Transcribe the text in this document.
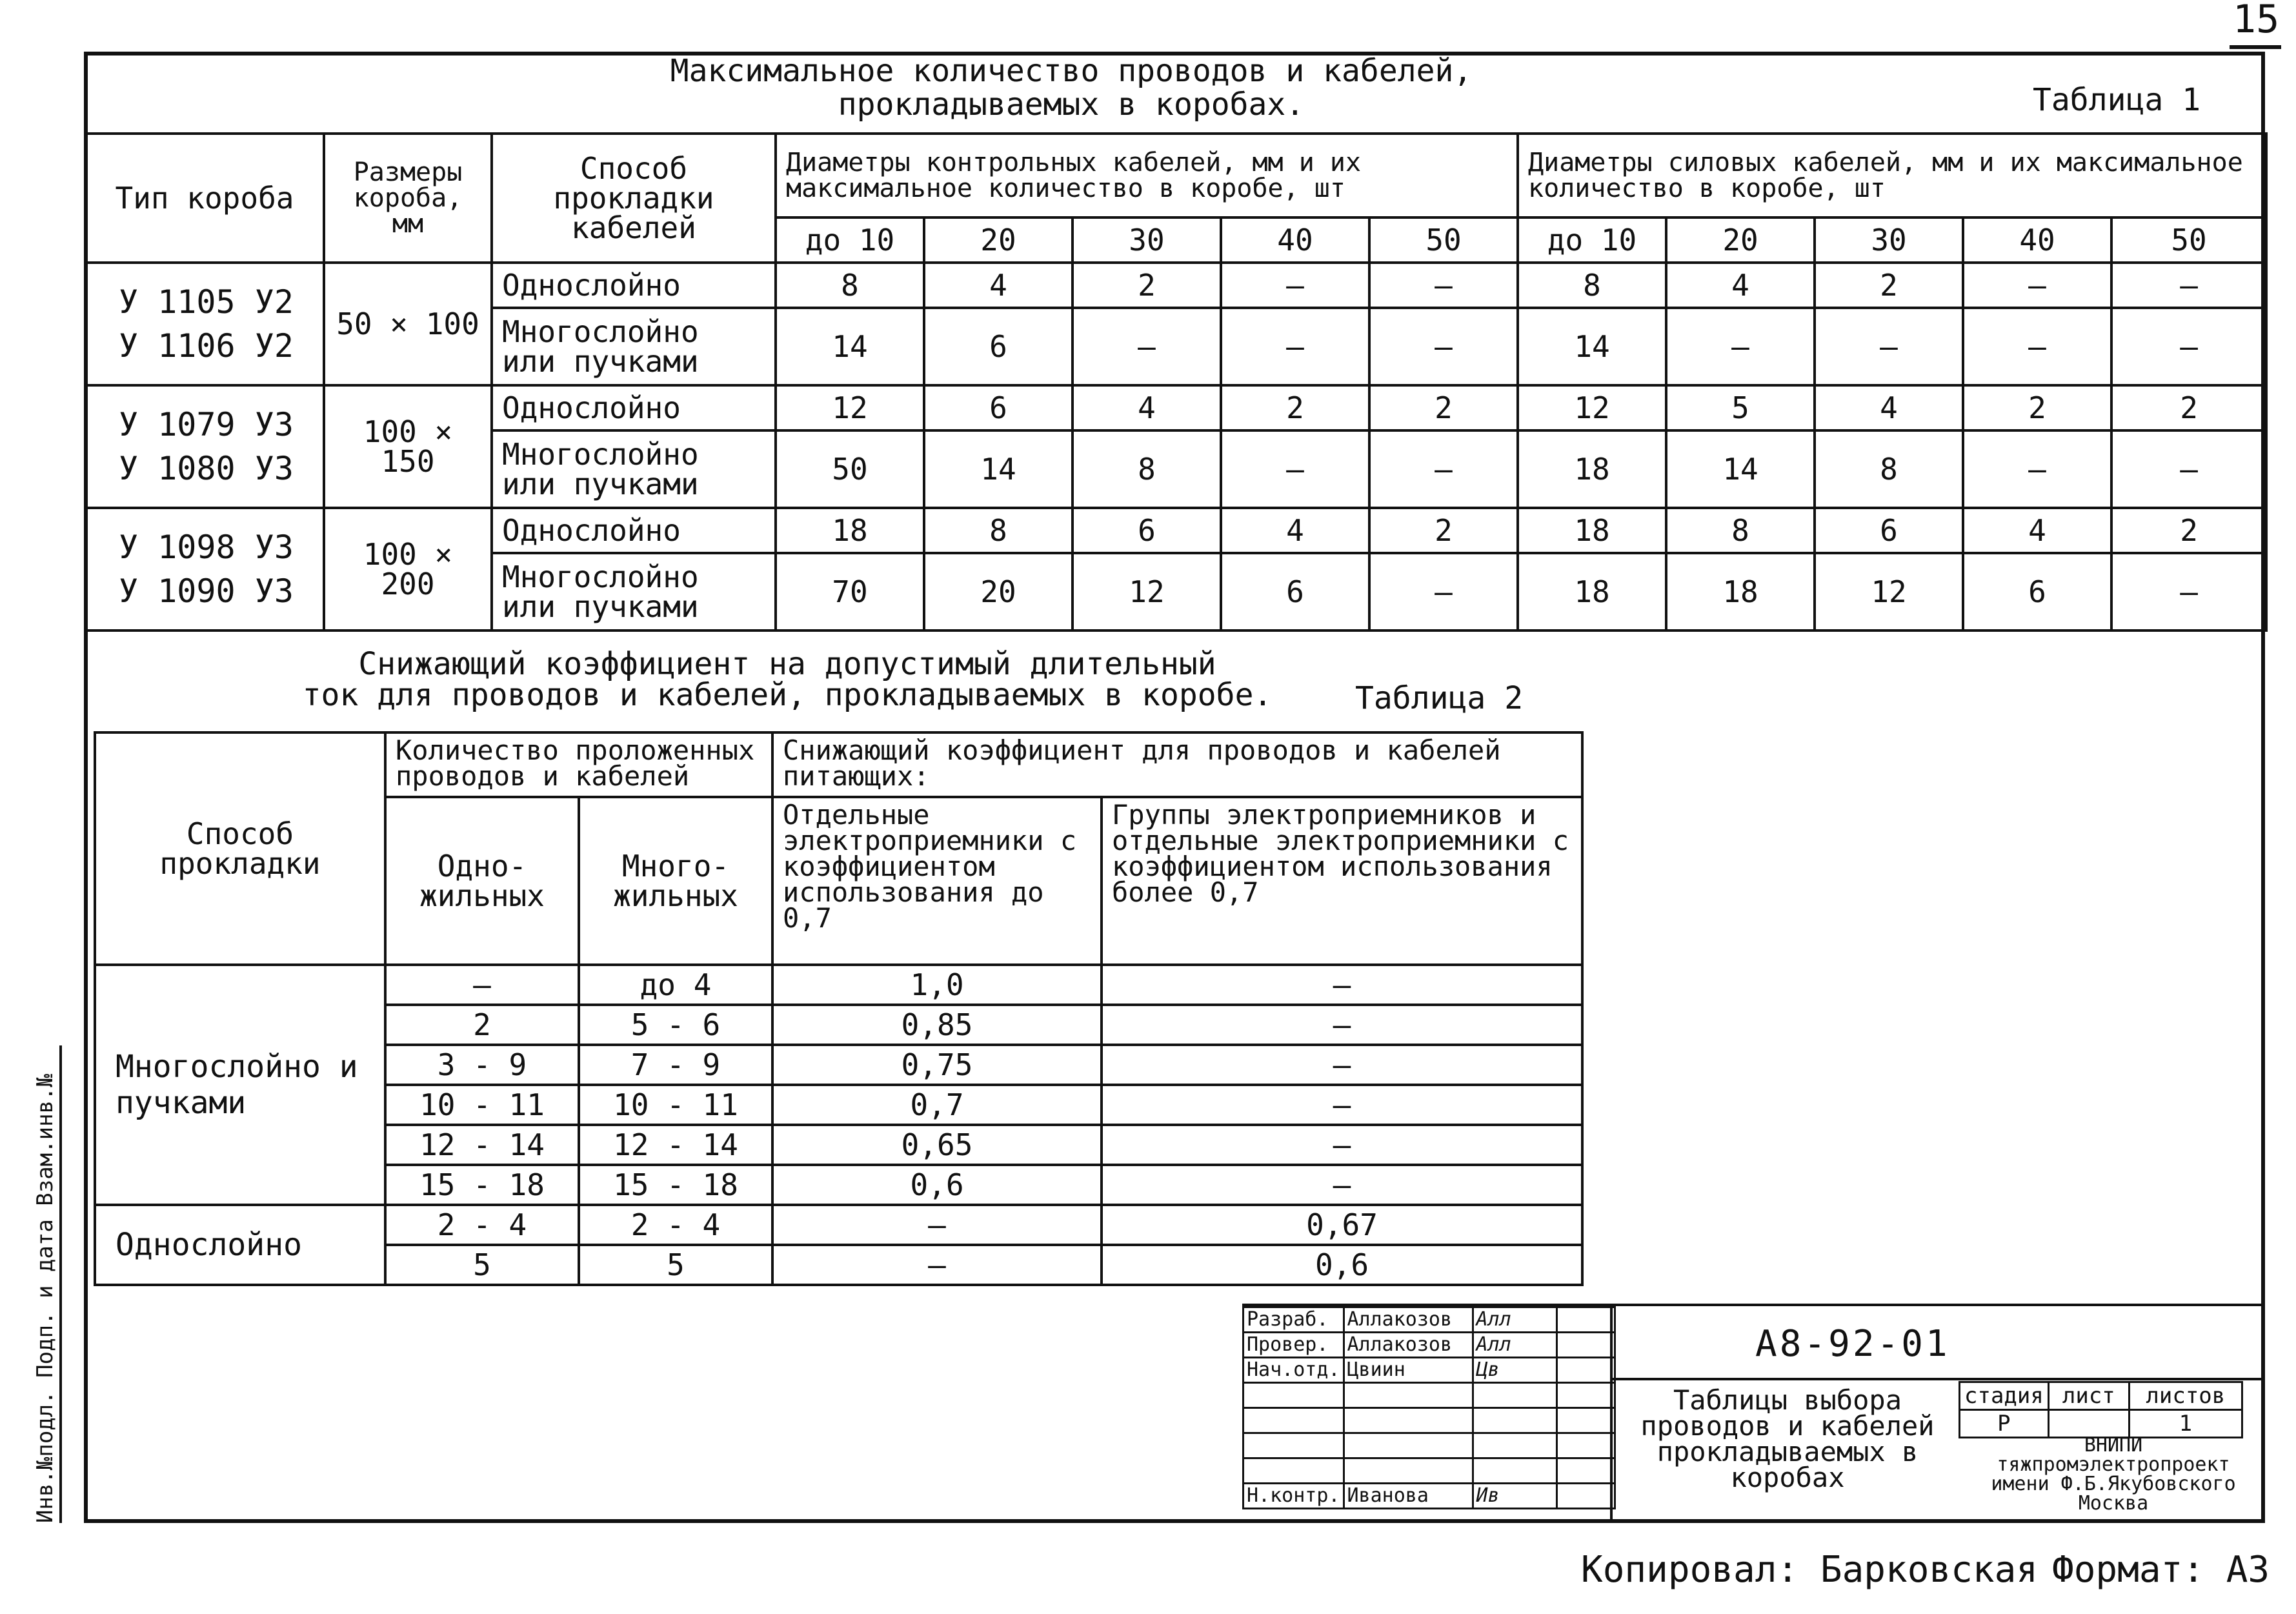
15
Максимальное количество проводов и кабелей,
прокладываемых в коробах.	Таблица 1
Тип короба	Размеры короба, мм	Способ прокладки кабелей	Диаметры контрольных кабелей, мм и их максимальное количество в коробе, шт					Диаметры силовых кабелей, мм и их максимальное количество в коробе, шт				
			до 10	20	30	40	50	до 10	20	30	40	50
У 1105 У2
У 1106 У2	50 × 100	Однослойно	8	4	2	—	—	8	4	2	—	—
		Многослойно или пучками	14	6	—	—	—	14	—	—	—	—
У 1079 У3
У 1080 У3	100 × 150	Однослойно	12	6	4	2	2	12	5	4	2	2
		Многослойно или пучками	50	14	8	—	—	18	14	8	—	—
У 1098 У3
У 1090 У3	100 × 200	Однослойно	18	8	6	4	2	18	8	6	4	2
		Многослойно или пучками	70	20	12	6	—	18	18	12	6	—
Снижающий коэффициент на допустимый длительный
ток для проводов и кабелей, прокладываемых в коробе.	Таблица 2
Способ прокладки	Количество проложенных проводов и кабелей		Снижающий коэффициент для проводов и кабелей питающих:	
	Одно-жильных	Много-жильных	Отдельные электроприемники с коэффициентом использования до 0,7	Группы электроприемников и отдельные электроприемники с коэффициентом использования более 0,7
Многослойно и пучками	–	до 4	1,0	—
	2	5 - 6	0,85	—
	3 - 9	7 - 9	0,75	—
	10 - 11	10 - 11	0,7	—
	12 - 14	12 - 14	0,65	—
	15 - 18	15 - 18	0,6	—
Однослойно	2 - 4	2 - 4	—	0,67
	5	5	—	0,6
Разраб.	Аллакозов	Алл	
Провер.	Аллакозов	Алл	
Нач.отд.	Цвиин	Цв	

Н.контр.	Иванова	Ив	
А8-92-01
Таблицы выбора проводов и кабелей прокладываемых в коробах
стадия	лист	листов
Р		1
ВНИПИ
тяжпромэлектропроект
имени Ф.Б.Якубовского
Москва
Инв.№подл. Подп. и дата Взам.инв.№
Копировал: Барковская Формат: А3
